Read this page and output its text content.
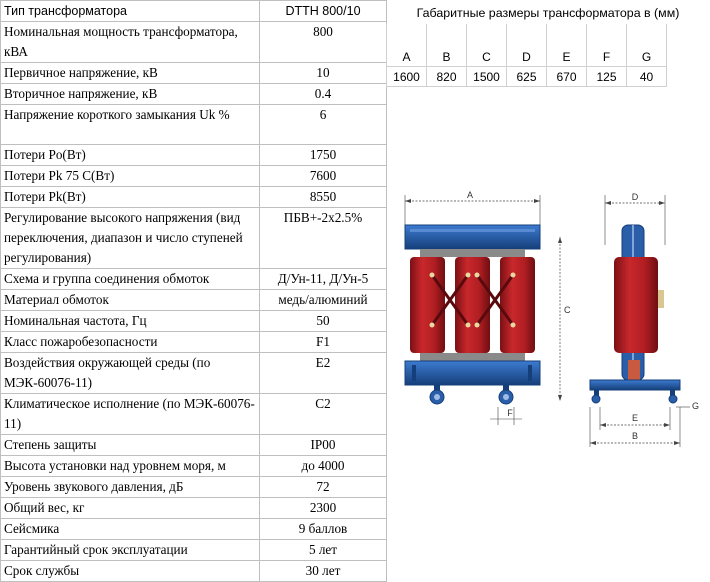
Тип трансформатора	DTTH 800/10
Номинальная мощность трансформатора, кВА	800
Первичное напряжение, кВ	10
Вторичное напряжение, кВ	0.4
Напряжение короткого замыкания Uk %	6
Потери Po(Вт)	1750
Потери Pk 75 C(Вт)	7600
Потери Pk(Вт)	8550
Регулирование высокого напряжения (вид переключения, диапазон и число ступеней регулирования)	ПБВ+-2x2.5%
Схема и группа соединения обмоток	Д/Ун-11, Д/Ун-5
Материал обмоток	медь/алюминий
Номинальная частота, Гц	50
Класс пожаробезопасности	F1
Воздействия окружающей среды (по МЭК-60076-11)	E2
Климатическое исполнение (по МЭК-60076-11)	C2
Степень защиты	IP00
Высота установки над уровнем моря, м	до 4000
Уровень звукового давления, дБ	72
Общий вес, кг	2300
Сейсмика	9 баллов
Гарантийный срок эксплуатации	5 лет
Срок службы	30 лет
Габаритные размеры трансформатора в (мм)
A	B	C	D	E	F	G
1600	820	1500	625	670	125	40
A
F
C
D
G
E
B
